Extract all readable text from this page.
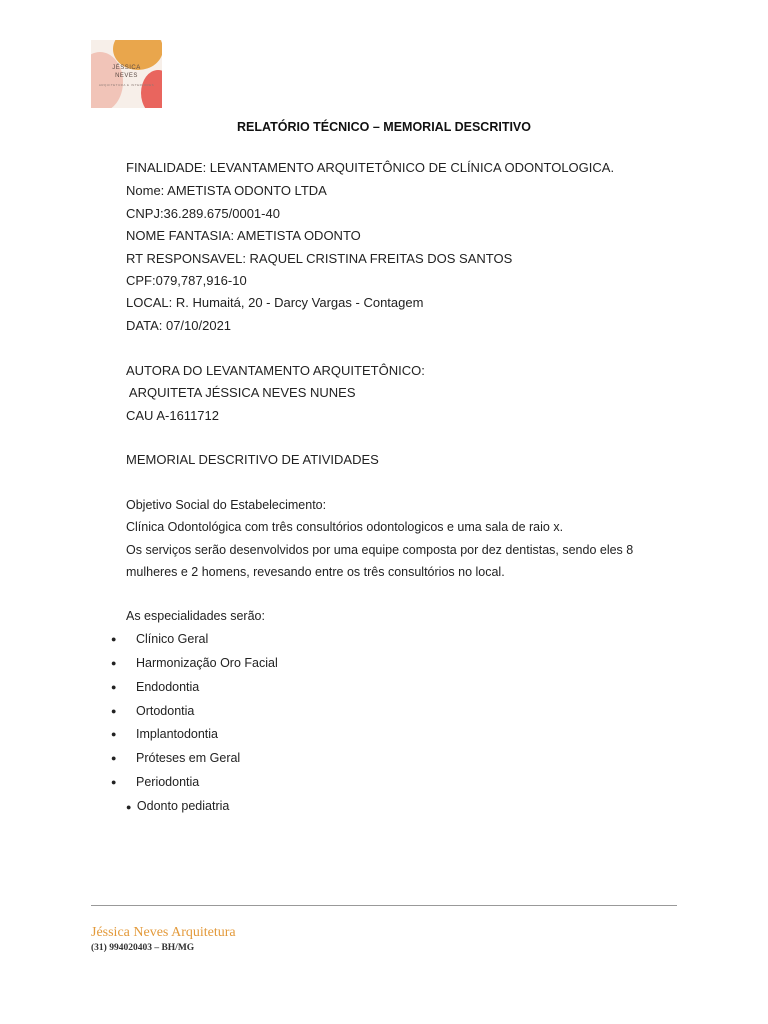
JÉSSICA
NEVES
ARQUITETURA E INTERIORES
RELATÓRIO TÉCNICO – MEMORIAL DESCRITIVO
FINALIDADE: LEVANTAMENTO ARQUITETÔNICO DE CLÍNICA ODONTOLOGICA.
Nome: AMETISTA ODONTO LTDA
CNPJ:36.289.675/0001-40
NOME FANTASIA: AMETISTA ODONTO
RT RESPONSAVEL: RAQUEL CRISTINA FREITAS DOS SANTOS
CPF:079,787,916-10
LOCAL: R. Humaitá, 20 - Darcy Vargas - Contagem
DATA: 07/10/2021
AUTORA DO LEVANTAMENTO ARQUITETÔNICO:
ARQUITETA JÉSSICA NEVES NUNES
CAU A-1611712
MEMORIAL DESCRITIVO DE ATIVIDADES
Objetivo Social do Estabelecimento:
Clínica Odontológica com três consultórios odontologicos e uma sala de raio x.
Os serviços serão desenvolvidos por uma equipe composta por dez dentistas, sendo eles 8
mulheres e 2 homens, revesando entre os três consultórios no local.
As especialidades serão:
● Clínico Geral
● Harmonização Oro Facial
● Endodontia
● Ortodontia
● Implantodontia
● Próteses em Geral
● Periodontia
● Odonto pediatria
Jéssica Neves Arquitetura
(31) 994020403 – BH/MG
